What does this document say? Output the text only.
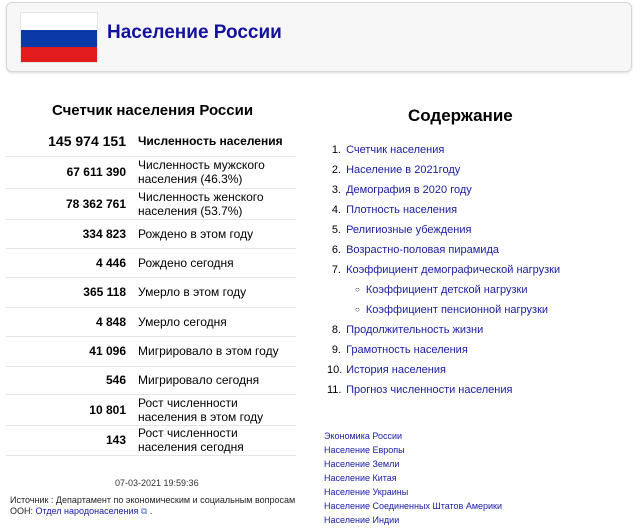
Население России
Счетчик населения России
145 974 151	Численность населения
67 611 390	Численность мужского населения (46.3%)
78 362 761	Численность женского населения (53.7%)
334 823	Рождено в этом году
4 446	Рождено сегодня
365 118	Умерло в этом году
4 848	Умерло сегодня
41 096	Мигрировало в этом году
546	Мигрировало сегодня
10 801	Рост численности населения в этом году
143	Рост численности населения сегодня
07-03-2021 19:59:36
Источник : Департамент по экономическим и социальным вопросам ООН: Отдел народонаселения ⧉ .
Содержание
1. Счетчик населения
2. Население в 2021году
3. Демография в 2020 году
4. Плотность населения
5. Религиозные убеждения
6. Возрастно-половая пирамида
7. Коэффициент демографической нагрузки
○ Коэффициент детской нагрузки
○ Коэффициент пенсионной нагрузки
8. Продолжительность жизни
9. Грамотность населения
10. История населения
11. Прогноз численности населения
Экономика России
Население Европы
Население Земли
Население Китая
Население Украины
Население Соединенных Штатов Америки
Население Индии
